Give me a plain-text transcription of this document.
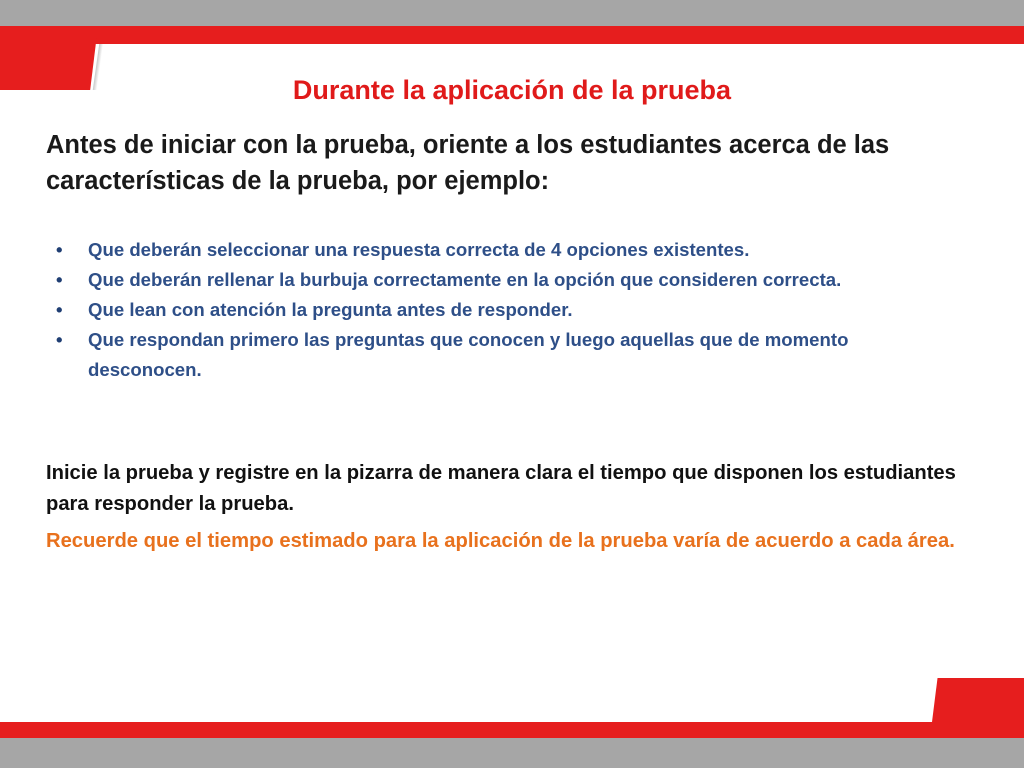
Durante la aplicación de la prueba

Antes de iniciar con la prueba, oriente a los estudiantes acerca de las características de la prueba, por ejemplo:

• Que deberán seleccionar una respuesta correcta de 4 opciones existentes.
• Que deberán rellenar la burbuja correctamente en la opción que consideren correcta.
• Que lean con atención la pregunta antes de responder.
• Que respondan primero las preguntas que conocen y luego aquellas que de momento desconocen.

Inicie la prueba y registre en la pizarra de manera clara el tiempo que disponen los estudiantes para responder la prueba.

Recuerde que el tiempo estimado para la aplicación de la prueba varía de acuerdo a cada área.
